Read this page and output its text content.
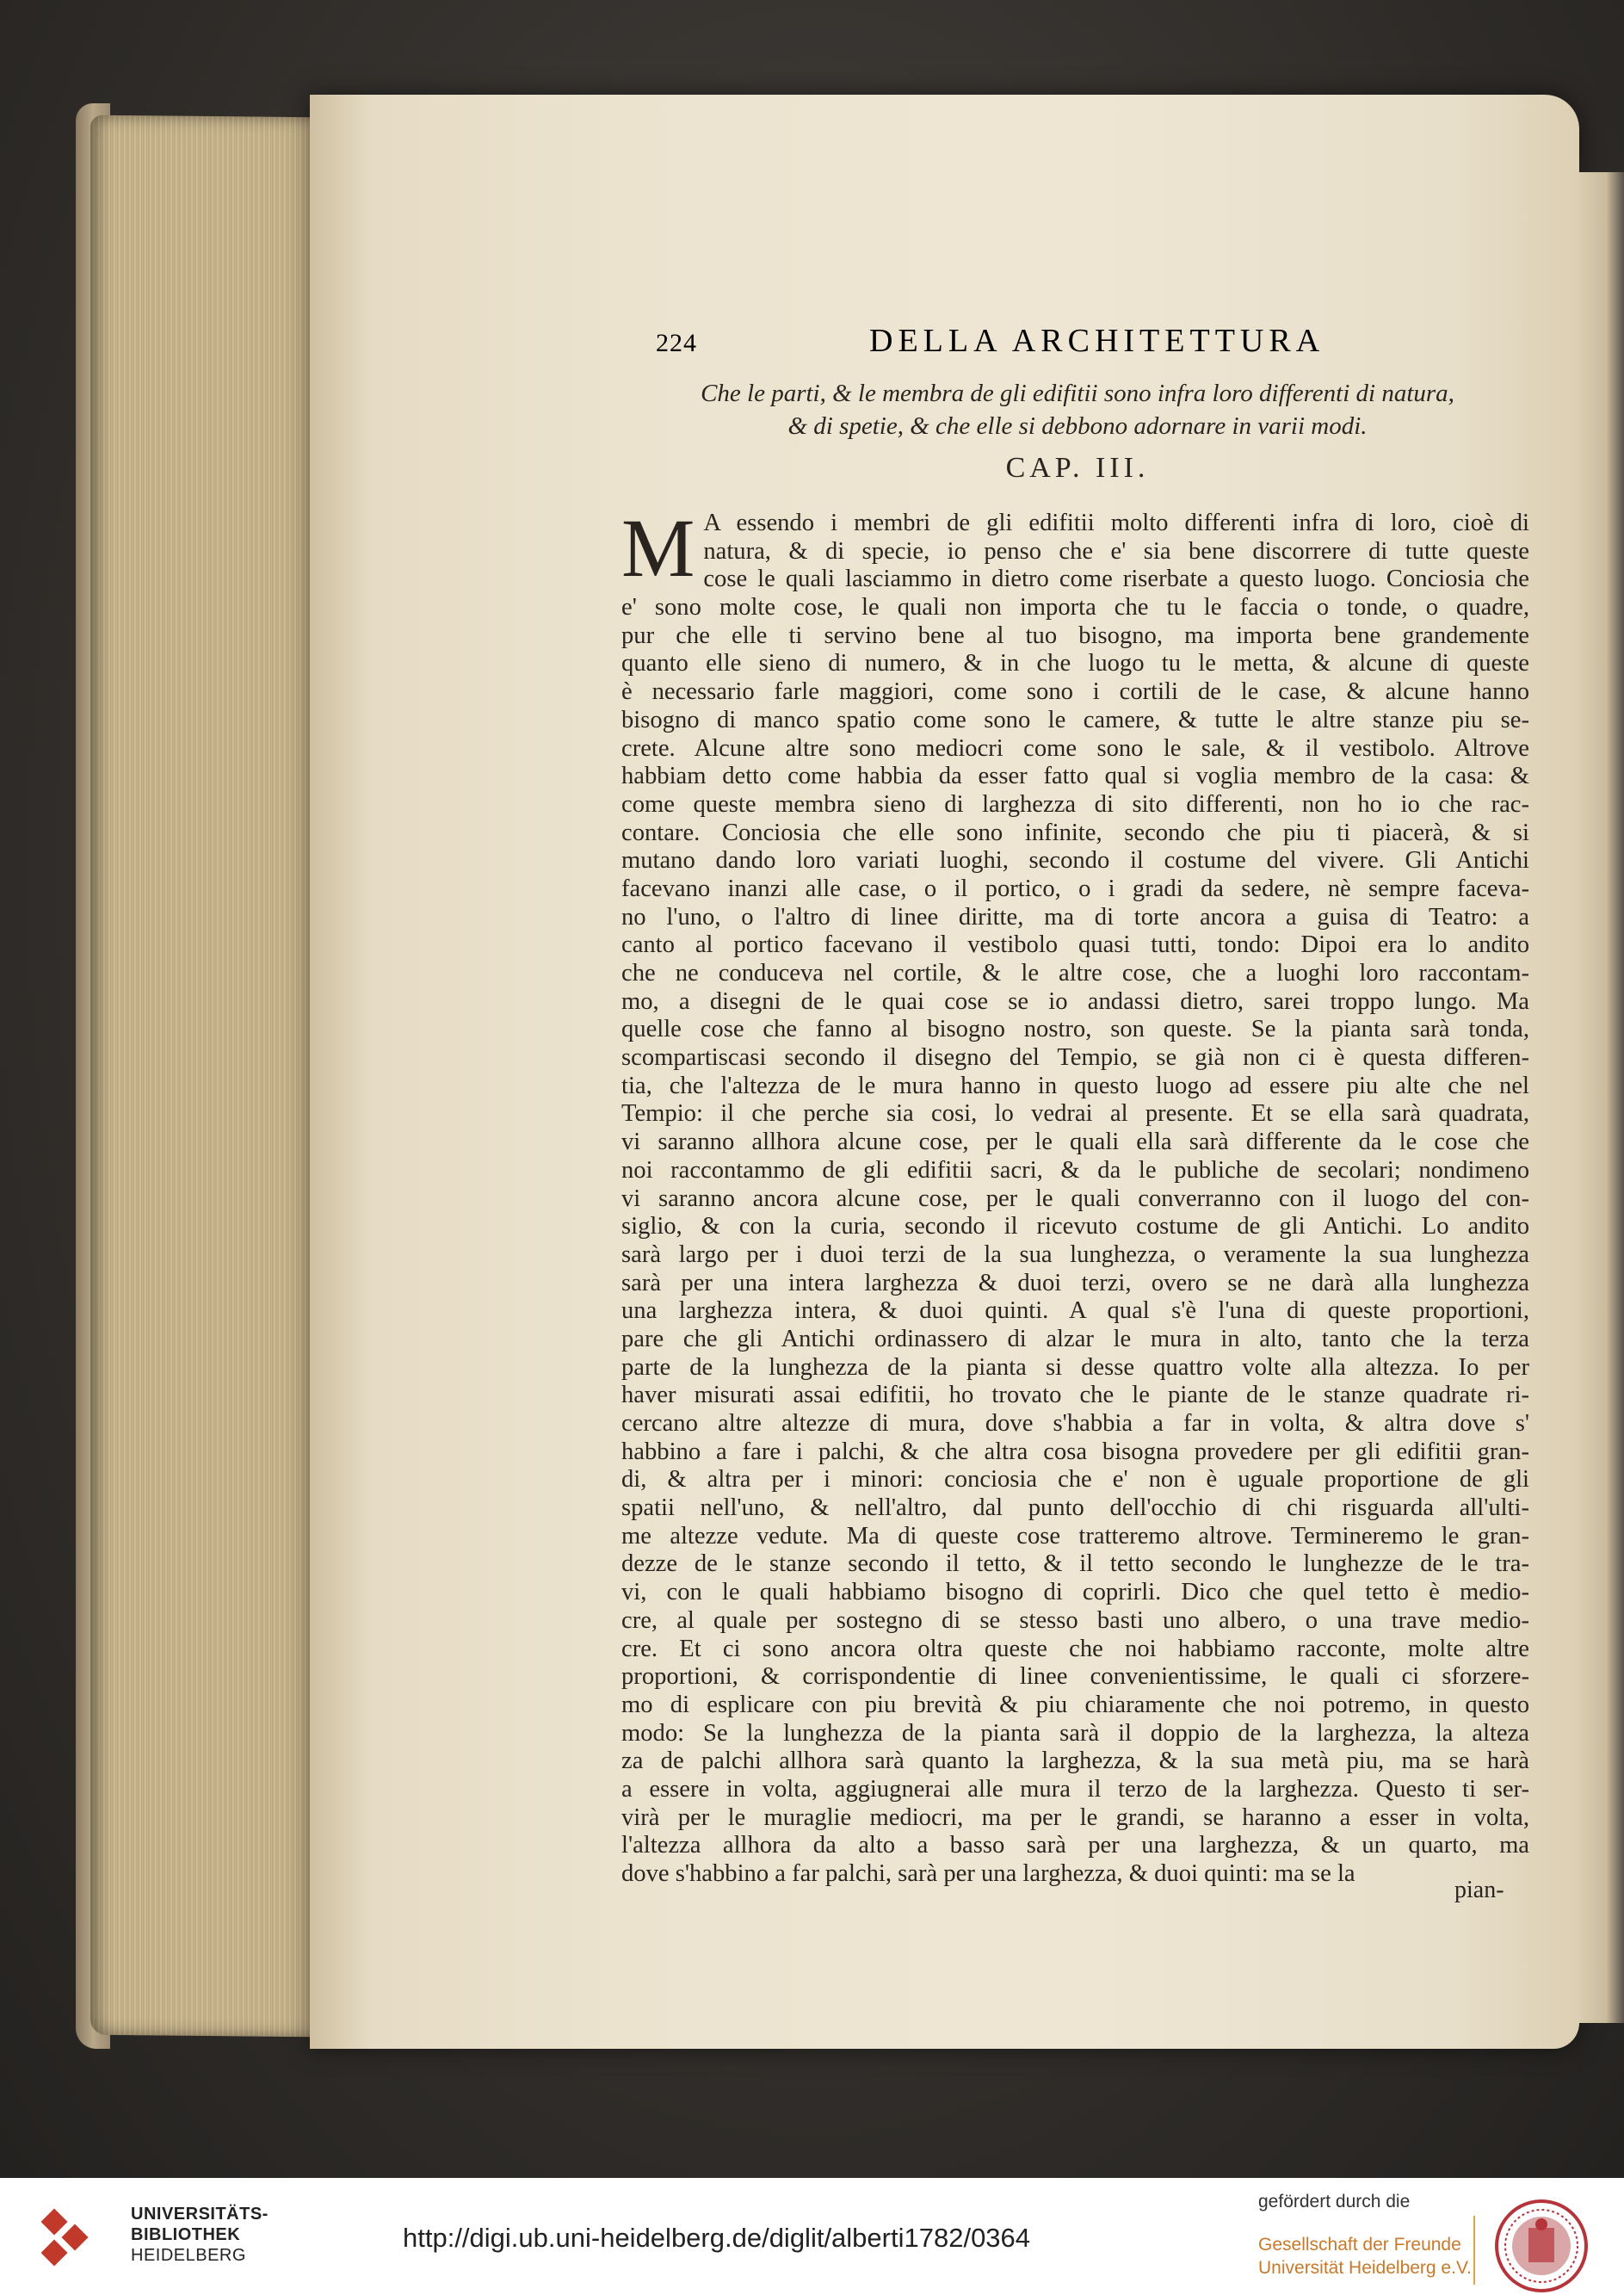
224	DELLA ARCHITETTURA
Che le parti, & le membra de gli edifitii sono infra loro differenti di natura,
& di spetie, & che elle si debbono adornare in varii modi.
CAP. III.
M A essendo i membri de gli edifitii molto differenti infra di loro, cioè di
natura, & di specie, io penso che e' sia bene discorrere di tutte queste
cose le quali lasciammo in dietro come riserbate a questo luogo. Conciosia che
e' sono molte cose, le quali non importa che tu le faccia o tonde, o quadre,
pur che elle ti servino bene al tuo bisogno, ma importa bene grandemente
quanto elle sieno di numero, & in che luogo tu le metta, & alcune di queste
è necessario farle maggiori, come sono i cortili de le case, & alcune hanno
bisogno di manco spatio come sono le camere, & tutte le altre stanze piu se-
crete. Alcune altre sono mediocri come sono le sale, & il vestibolo. Altrove
habbiam detto come habbia da esser fatto qual si voglia membro de la casa: &
come queste membra sieno di larghezza di sito differenti, non ho io che rac-
contare. Conciosia che elle sono infinite, secondo che piu ti piacerà, & si
mutano dando loro variati luoghi, secondo il costume del vivere. Gli Antichi
facevano inanzi alle case, o il portico, o i gradi da sedere, nè sempre faceva-
no l'uno, o l'altro di linee diritte, ma di torte ancora a guisa di Teatro: a
canto al portico facevano il vestibolo quasi tutti, tondo: Dipoi era lo andito
che ne conduceva nel cortile, & le altre cose, che a luoghi loro raccontam-
mo, a disegni de le quai cose se io andassi dietro, sarei troppo lungo. Ma
quelle cose che fanno al bisogno nostro, son queste. Se la pianta sarà tonda,
scompartiscasi secondo il disegno del Tempio, se già non ci è questa differen-
tia, che l'altezza de le mura hanno in questo luogo ad essere piu alte che nel
Tempio: il che perche sia cosi, lo vedrai al presente. Et se ella sarà quadrata,
vi saranno allhora alcune cose, per le quali ella sarà differente da le cose che
noi raccontammo de gli edifitii sacri, & da le publiche de secolari; nondimeno
vi saranno ancora alcune cose, per le quali converranno con il luogo del con-
siglio, & con la curia, secondo il ricevuto costume de gli Antichi. Lo andito
sarà largo per i duoi terzi de la sua lunghezza, o veramente la sua lunghezza
sarà per una intera larghezza & duoi terzi, overo se ne darà alla lunghezza
una larghezza intera, & duoi quinti. A qual s'è l'una di queste proportioni,
pare che gli Antichi ordinassero di alzar le mura in alto, tanto che la terza
parte de la lunghezza de la pianta si desse quattro volte alla altezza. Io per
haver misurati assai edifitii, ho trovato che le piante de le stanze quadrate ri-
cercano altre altezze di mura, dove s'habbia a far in volta, & altra dove s'
habbino a fare i palchi, & che altra cosa bisogna provedere per gli edifitii gran-
di, & altra per i minori: conciosia che e' non è uguale proportione de gli
spatii nell'uno, & nell'altro, dal punto dell'occhio di chi risguarda all'ulti-
me altezze vedute. Ma di queste cose tratteremo altrove. Termineremo le gran-
dezze de le stanze secondo il tetto, & il tetto secondo le lunghezze de le tra-
vi, con le quali habbiamo bisogno di coprirli. Dico che quel tetto è medio-
cre, al quale per sostegno di se stesso basti uno albero, o una trave medio-
cre. Et ci sono ancora oltra queste che noi habbiamo racconte, molte altre
proportioni, & corrispondentie di linee convenientissime, le quali ci sforzere-
mo di esplicare con piu brevità & piu chiaramente che noi potremo, in questo
modo: Se la lunghezza de la pianta sarà il doppio de la larghezza, la alteza
za de palchi allhora sarà quanto la larghezza, & la sua metà piu, ma se harà
a essere in volta, aggiugnerai alle mura il terzo de la larghezza. Questo ti ser-
virà per le muraglie mediocri, ma per le grandi, se haranno a esser in volta,
l'altezza allhora da alto a basso sarà per una larghezza, & un quarto, ma
dove s'habbino a far palchi, sarà per una larghezza, & duoi quinti: ma se la
pian-
UNIVERSITÄTS-
BIBLIOTHEK
HEIDELBERG
http://digi.ub.uni-heidelberg.de/diglit/alberti1782/0364
gefördert durch die
Gesellschaft der Freunde
Universität Heidelberg e.V.
